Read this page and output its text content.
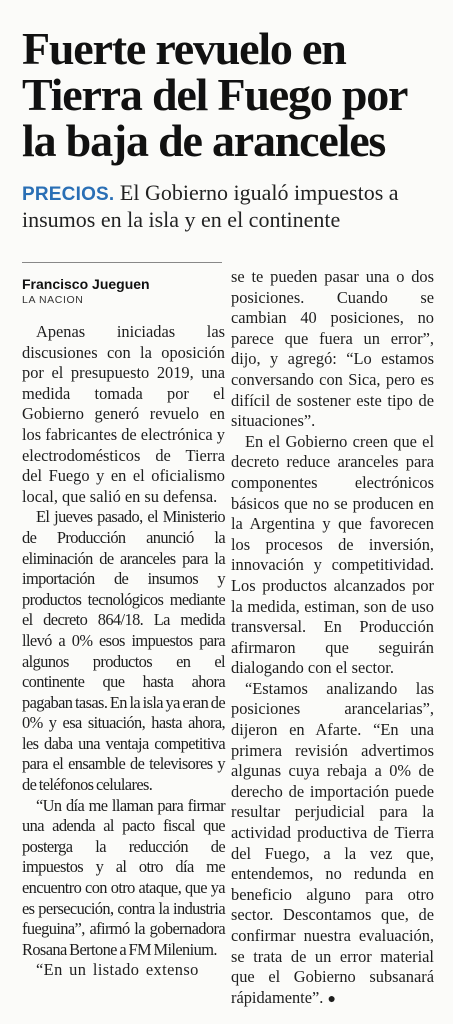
Fuerte revuelo en
Tierra del Fuego por
la baja de aranceles
PRECIOS. El Gobierno igualó impuestos a insumos en la isla y en el continente
Francisco Jueguen
LA NACION

Apenas iniciadas las discusiones con la oposición por el presupuesto 2019, una medida tomada por el Gobierno generó revuelo en los fabricantes de electrónica y electrodomésticos de Tierra del Fuego y en el oficialismo local, que salió en su defensa.

El jueves pasado, el Ministerio de Producción anunció la eliminación de aranceles para la importación de insumos y productos tecnológicos mediante el decreto 864/18. La medida llevó a 0% esos impuestos para algunos productos en el continente que hasta ahora pagaban tasas. En la isla ya eran de 0% y esa situación, hasta ahora, les daba una ventaja competitiva para el ensamble de televisores y de teléfonos celulares.

“Un día me llaman para firmar una adenda al pacto fiscal que posterga la reducción de impuestos y al otro día me encuentro con otro ataque, que ya es persecución, contra la industria fueguina”, afirmó la gobernadora Rosana Bertone a FM Milenium.

“En un listado extenso

se te pueden pasar una o dos posiciones. Cuando se cambian 40 posiciones, no parece que fuera un error”, dijo, y agregó: “Lo estamos conversando con Sica, pero es difícil de sostener este tipo de situaciones”.

En el Gobierno creen que el decreto reduce aranceles para componentes electrónicos básicos que no se producen en la Argentina y que favorecen los procesos de inversión, innovación y competitividad. Los productos alcanzados por la medida, estiman, son de uso transversal. En Producción afirmaron que seguirán dialogando con el sector.

“Estamos analizando las posiciones arancelarias”, dijeron en Afarte. “En una primera revisión advertimos algunas cuya rebaja a 0% de derecho de importación puede resultar perjudicial para la actividad productiva de Tierra del Fuego, a la vez que, entendemos, no redunda en beneficio alguno para otro sector. Descontamos que, de confirmar nuestra evaluación, se trata de un error material que el Gobierno subsanará rápidamente”. ●
